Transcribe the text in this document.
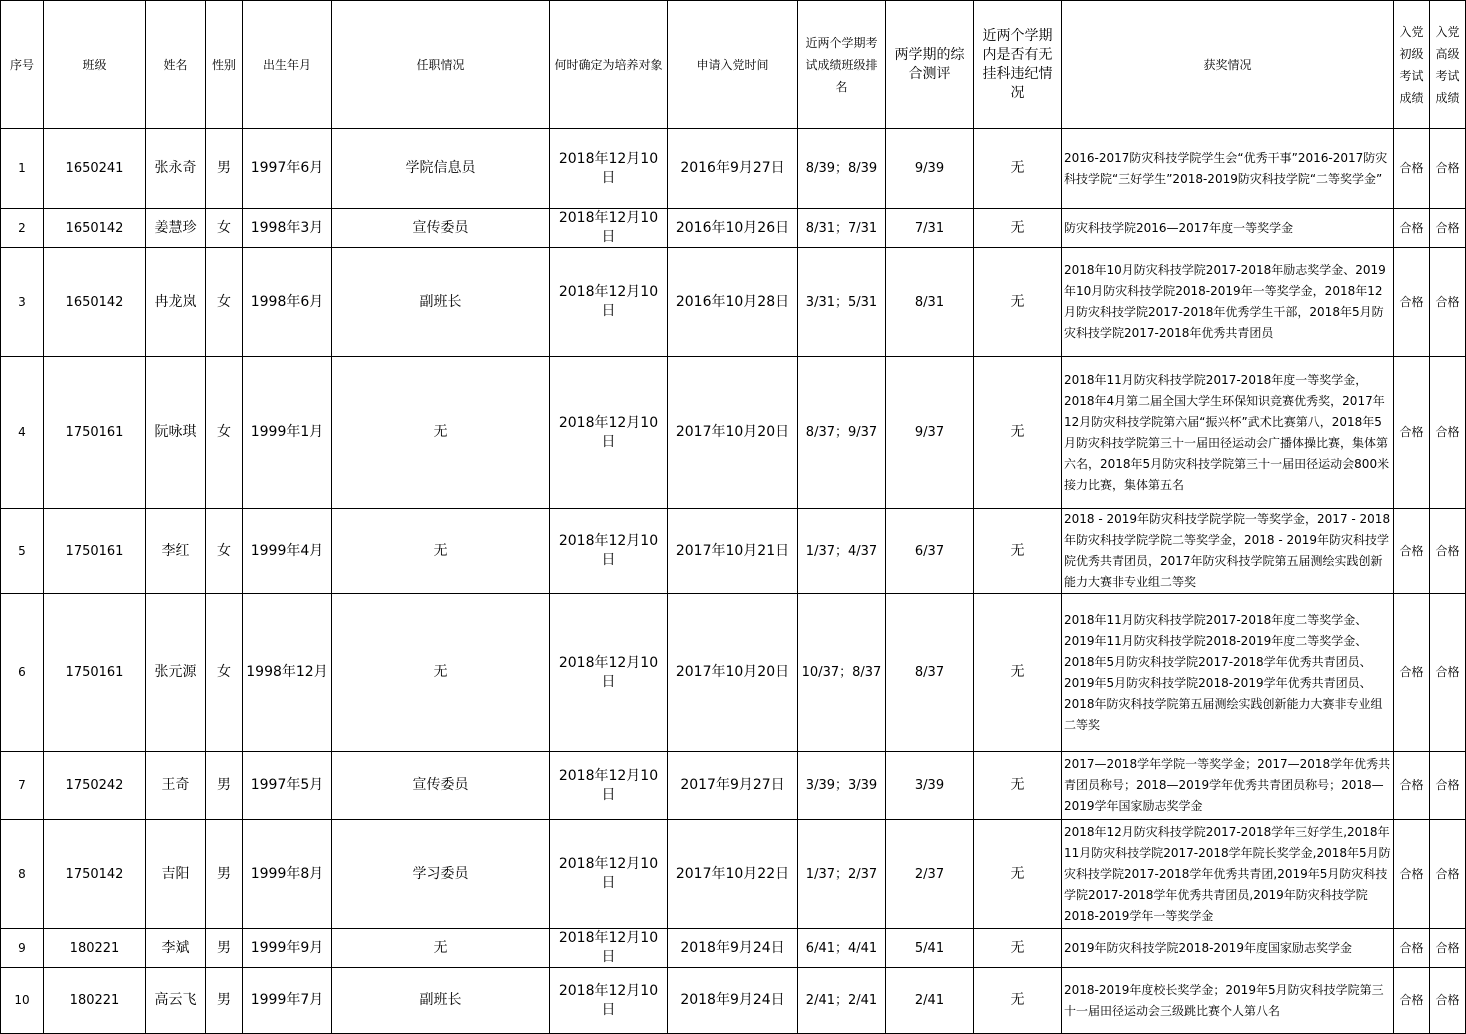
序号	班级	姓名	性别	出生年月	任职情况	何时确定为培养对象	申请入党时间	近两个学期考试成绩班级排名	两学期的综合测评	近两个学期内是否有无挂科违纪情况	获奖情况	入党初级考试成绩	入党高级考试成绩
1	1650241	张永奇	男	1997年6月	学院信息员	2018年12月10日	2016年9月27日	8/39；8/39	9/39	无	2016-2017防灾科技学院学生会“优秀干事”2016-2017防灾科技学院“三好学生”2018-2019防灾科技学院“二等奖学金”	合格	合格
2	1650142	姜慧珍	女	1998年3月	宣传委员	2018年12月10日	2016年10月26日	8/31；7/31	7/31	无	防灾科技学院2016—2017年度一等奖学金	合格	合格
3	1650142	冉龙岚	女	1998年6月	副班长	2018年12月10日	2016年10月28日	3/31；5/31	8/31	无	2018年10月防灾科技学院2017-2018年励志奖学金、2019年10月防灾科技学院2018-2019年一等奖学金，2018年12月防灾科技学院2017-2018年优秀学生干部，2018年5月防灾科技学院2017-2018年优秀共青团员	合格	合格
4	1750161	阮咏琪	女	1999年1月	无	2018年12月10日	2017年10月20日	8/37；9/37	9/37	无	2018年11月防灾科技学院2017-2018年度一等奖学金，2018年4月第二届全国大学生环保知识竞赛优秀奖，2017年12月防灾科技学院第六届“振兴杯”武术比赛第八，2018年5月防灾科技学院第三十一届田径运动会广播体操比赛，集体第六名，2018年5月防灾科技学院第三十一届田径运动会800米接力比赛，集体第五名	合格	合格
5	1750161	李红	女	1999年4月	无	2018年12月10日	2017年10月21日	1/37；4/37	6/37	无	2018 - 2019年防灾科技学院学院一等奖学金，2017 - 2018年防灾科技学院学院二等奖学金，2018 - 2019年防灾科技学院优秀共青团员，2017年防灾科技学院第五届测绘实践创新能力大赛非专业组二等奖	合格	合格
6	1750161	张元源	女	1998年12月	无	2018年12月10日	2017年10月20日	10/37；8/37	8/37	无	2018年11月防灾科技学院2017-2018年度二等奖学金、2019年11月防灾科技学院2018-2019年度二等奖学金、2018年5月防灾科技学院2017-2018学年优秀共青团员、2019年5月防灾科技学院2018-2019学年优秀共青团员、2018年防灾科技学院第五届测绘实践创新能力大赛非专业组二等奖	合格	合格
7	1750242	王奇	男	1997年5月	宣传委员	2018年12月10日	2017年9月27日	3/39；3/39	3/39	无	2017—2018学年学院一等奖学金；2017—2018学年优秀共青团员称号；2018—2019学年优秀共青团员称号；2018—2019学年国家励志奖学金	合格	合格
8	1750142	吉阳	男	1999年8月	学习委员	2018年12月10日	2017年10月22日	1/37；2/37	2/37	无	2018年12月防灾科技学院2017-2018学年三好学生,2018年11月防灾科技学院2017-2018学年院长奖学金,2018年5月防灾科技学院2017-2018学年优秀共青团,2019年5月防灾科技学院2017-2018学年优秀共青团员,2019年防灾科技学院2018-2019学年一等奖学金	合格	合格
9	180221	李斌	男	1999年9月	无	2018年12月10日	2018年9月24日	6/41；4/41	5/41	无	2019年防灾科技学院2018-2019年度国家励志奖学金	合格	合格
10	180221	高云飞	男	1999年7月	副班长	2018年12月10日	2018年9月24日	2/41；2/41	2/41	无	2018-2019年度校长奖学金；2019年5月防灾科技学院第三十一届田径运动会三级跳比赛个人第八名	合格	合格
